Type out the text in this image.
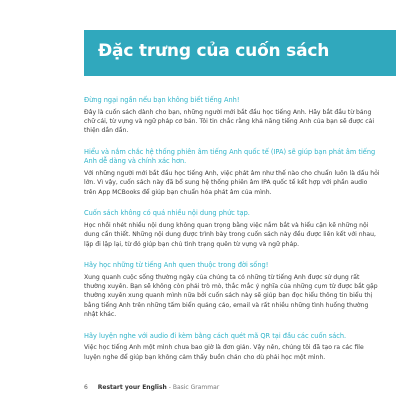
Đặc trưng của cuốn sách

Đừng ngại ngần nếu bạn không biết tiếng Anh!

Đây là cuốn sách dành cho bạn, những người mới bắt đầu học tiếng Anh. Hãy bắt đầu từ bảng chữ cái, từ vựng và ngữ pháp cơ bản. Tôi tin chắc rằng khả năng tiếng Anh của bạn sẽ được cải thiện dần dần.

Hiểu và nắm chắc hệ thống phiên âm tiếng Anh quốc tế (IPA) sẽ giúp bạn phát âm tiếng Anh dễ dàng và chính xác hơn.

Với những người mới bắt đầu học tiếng Anh, việc phát âm như thế nào cho chuẩn luôn là dấu hỏi lớn. Vì vậy, cuốn sách này đã bổ sung hệ thống phiên âm IPA quốc tế kết hợp với phần audio trên App MCBooks để giúp bạn chuẩn hóa phát âm của mình.

Cuốn sách không có quá nhiều nội dung phức tạp.

Học nhồi nhét nhiều nội dung không quan trọng bằng việc nắm bắt và hiểu cặn kẽ những nội dung cần thiết. Những nội dung được trình bày trong cuốn sách này đều được liên kết với nhau, lặp đi lặp lại, từ đó giúp bạn chủ tình trạng quên từ vựng và ngữ pháp.

Hãy học những từ tiếng Anh quen thuộc trong đời sống!

Xung quanh cuộc sống thường ngày của chúng ta có những từ tiếng Anh được sử dụng rất thường xuyên. Bạn sẽ không còn phải trò mò, thắc mắc ý nghĩa của những cụm từ được bắt gặp thường xuyên xung quanh mình nữa bởi cuốn sách này sẽ giúp bạn đọc hiểu thông tin biểu thị bằng tiếng Anh trên những tấm biển quảng cáo, email và rất nhiều những tình huống thường nhật khác.

Hãy luyện nghe với audio đi kèm bằng cách quét mã QR tại đầu các cuốn sách.

Việc học tiếng Anh một mình chưa bao giờ là đơn giản. Vậy nên, chúng tôi đã tạo ra các file luyện nghe để giúp bạn không cảm thấy buồn chán cho dù phải học một mình.

6 Restart your English - Basic Grammar
